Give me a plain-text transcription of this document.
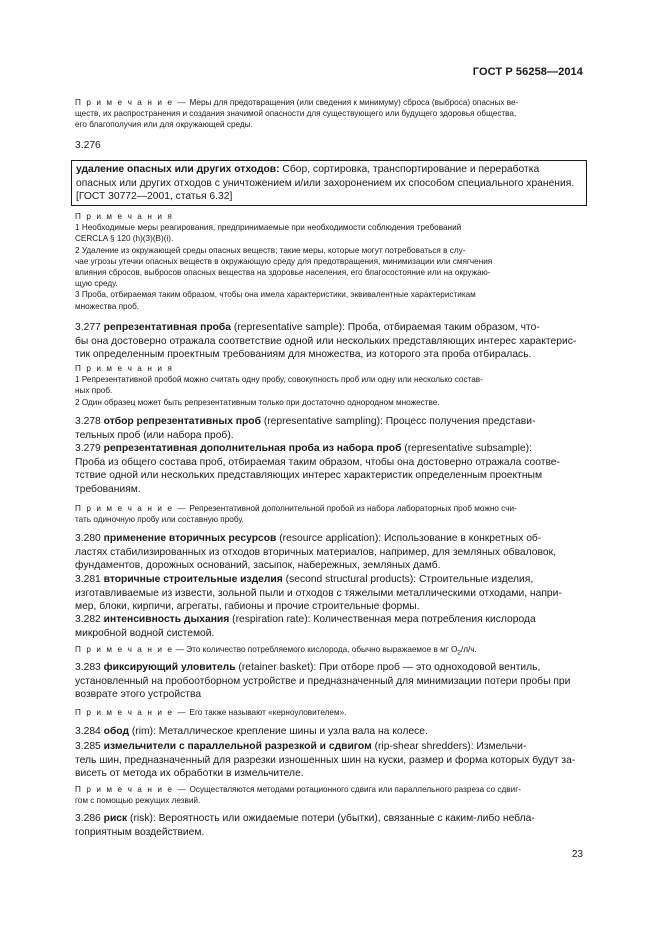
ГОСТ Р 56258—2014

П р и м е ч а н и е — Меры для предотвращения (или сведения к минимуму) сброса (выброса) опасных ве-

ществ, их распространения и создания значимой опасности для существующего или будущего здоровья общества,

его благополучия или для окружающей среды.

3.276

удаление опасных или других отходов: Сбор, сортировка, транспортирование и переработка

опасных или других отходов с уничтожением и/или захоронением их способом специального хранения.

[ГОСТ 30772—2001, статья 6.32]

П р и м е ч а н и я

1 Необходимые меры реагирования, предпринимаемые при необходимости соблюдения требований

CERCLA § 120 (h)(3)(B)(i).

2 Удаление из окружающей среды опасных веществ; такие меры, которые могут потребоваться в слу-

чае угрозы утечки опасных веществ в окружающую среду для предотвращения, минимизации или смягчения

влияния сбросов, выбросов опасных вещества на здоровье населения, его благосостояние или на окружаю-

щую среду.

3 Проба, отбираемая таким образом, чтобы она имела характеристики, эквивалентные характеристикам

множества проб.

3.277 репрезентативная проба (representative sample): Проба, отбираемая таким образом, что-

бы она достоверно отражала соответствие одной или нескольких представляющих интерес характерис-

тик определенным проектным требованиям для множества, из которого эта проба отбиралась.

П р и м е ч а н и я

1 Репрезентативной пробой можно считать одну пробу, совокупность проб или одну или несколько состав-

ных проб.

2 Один образец может быть репрезентативным только при достаточно однородном множестве.

3.278 отбор репрезентативных проб (representative sampling): Процесс получения представи-

тельных проб (или набора проб).

3.279 репрезентативная дополнительная проба из набора проб (representative subsample):

Проба из общего состава проб, отбираемая таким образом, чтобы она достоверно отражала соотве-

тствие одной или нескольких представляющих интерес характеристик определенным проектным

требованиям.

П р и м е ч а н и е — Репрезентативной дополнительной пробой из набора лабораторных проб можно счи-

тать одиночную пробу или составную пробу.

3.280 применение вторичных ресурсов (resource application): Использование в конкретных об-

ластях стабилизированных из отходов вторичных материалов, например, для земляных обваловок,

фундаментов, дорожных оснований, засыпок, набережных, земляных дамб.

3.281 вторичные строительные изделия (second structural products): Строительные изделия,

изготавливаемые из извести, зольной пыли и отходов с тяжелыми металлическими отходами, напри-

мер, блоки, кирпичи, агрегаты, габионы и прочие строительные формы.

3.282 интенсивность дыхания (respiration rate): Количественная мера потребления кислорода

микробной водной системой.

П р и м е ч а н и е — Это количество потребляемого кислорода, обычно выражаемое в мг $O_2/л/ч$.

3.283 фиксирующий уловитель (retainer basket): При отборе проб — это одноходовой вентиль,

установленный на пробоотборном устройстве и предназначенный для минимизации потери пробы при

возврате этого устройства

П р и м е ч а н и е — Его также называют «керноуловителем».

3.284 обод (rim): Металлическое крепление шины и узла вала на колесе.

3.285 измельчители с параллельной разрезкой и сдвигом (rip-shear shredders): Измельчи-

тель шин, предназначенный для разрезки изношенных шин на куски, размер и форма которых будут за-

висеть от метода их обработки в измельчителе.

П р и м е ч а н и е — Осуществляются методами ротационного сдвига или параллельного разреза со сдвиг-

гом с помощью режущих лезвий.

3.286 риск (risk): Вероятность или ожидаемые потери (убытки), связанные с каким-либо небла-

гоприятным воздействием.

23
